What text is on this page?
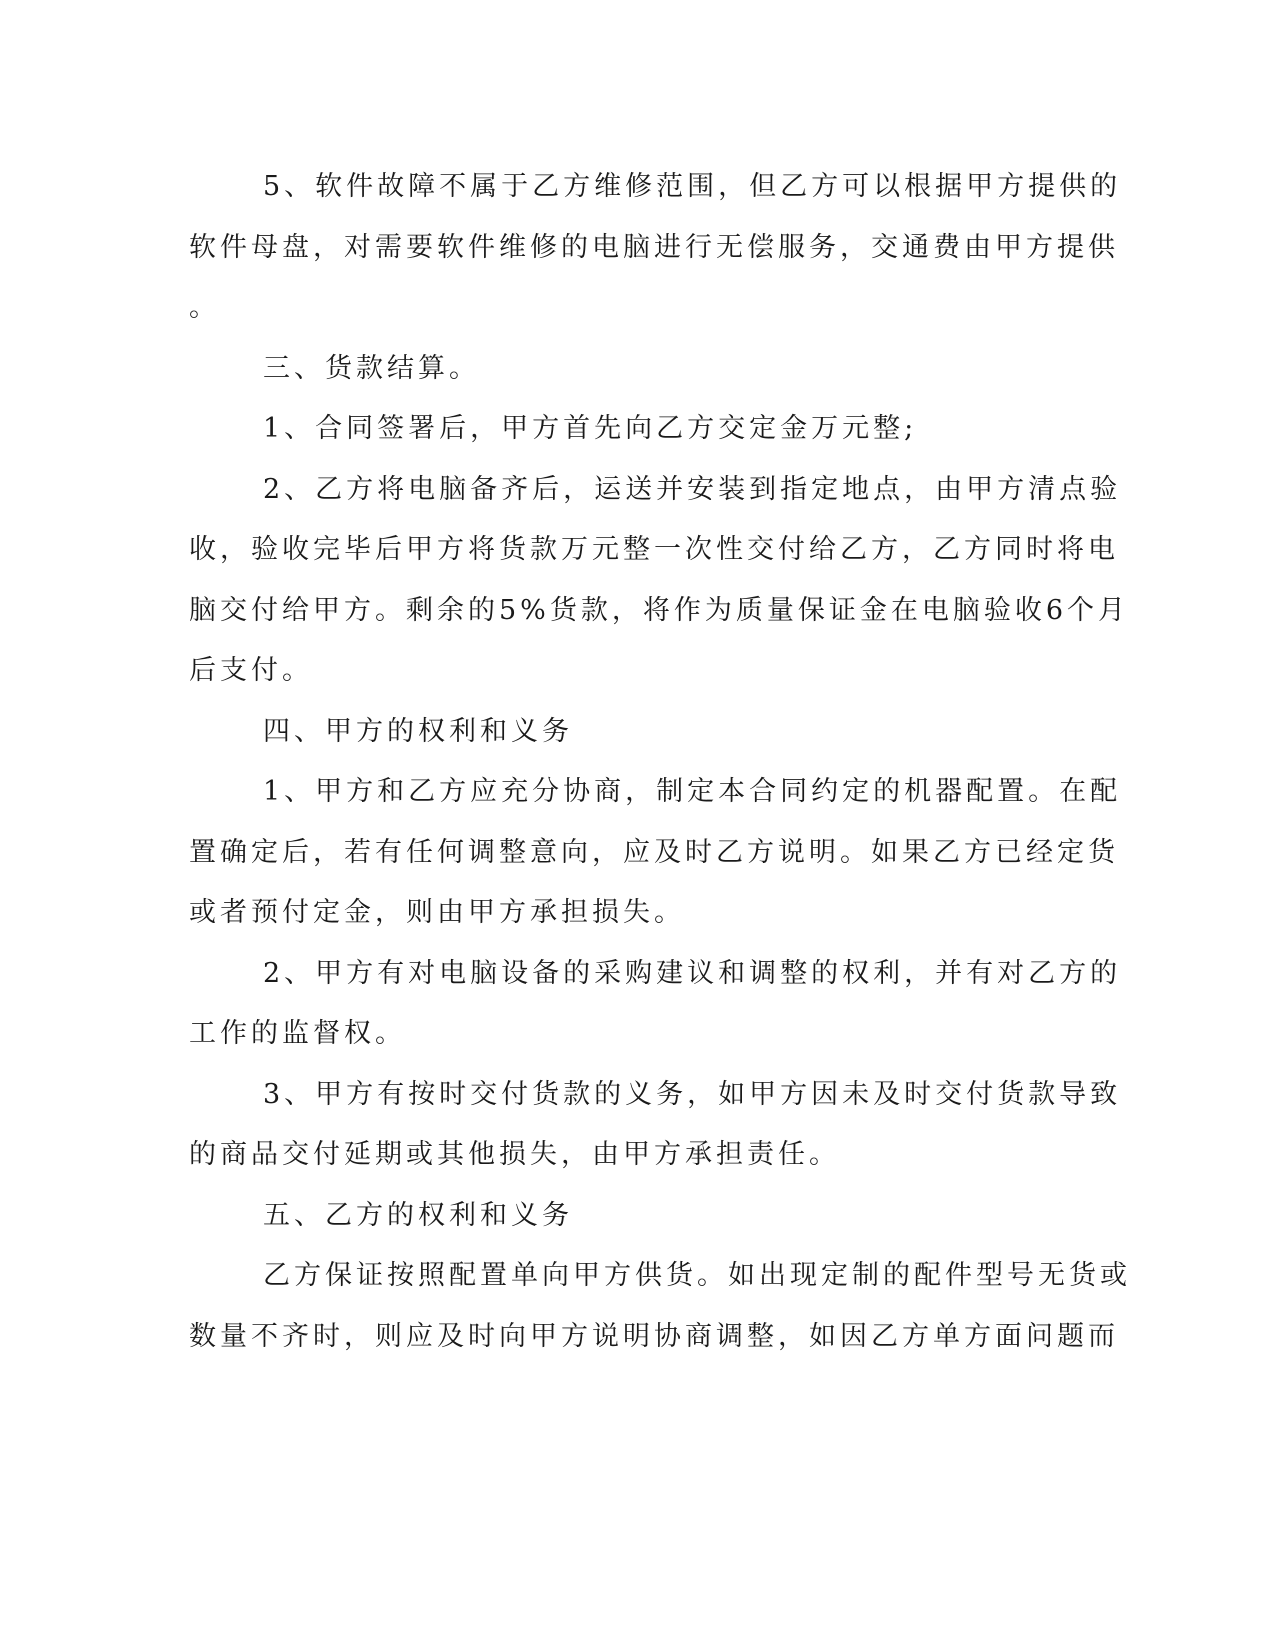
5、软件故障不属于乙方维修范围，但乙方可以根据甲方提供的
软件母盘，对需要软件维修的电脑进行无偿服务，交通费由甲方提供
。

三、货款结算。

1、合同签署后，甲方首先向乙方交定金万元整;

2、乙方将电脑备齐后，运送并安装到指定地点，由甲方清点验
收，验收完毕后甲方将货款万元整一次性交付给乙方，乙方同时将电
脑交付给甲方。剩余的5%货款，将作为质量保证金在电脑验收6个月
后支付。

四、甲方的权利和义务

1、甲方和乙方应充分协商，制定本合同约定的机器配置。在配
置确定后，若有任何调整意向，应及时乙方说明。如果乙方已经定货
或者预付定金，则由甲方承担损失。

2、甲方有对电脑设备的采购建议和调整的权利，并有对乙方的
工作的监督权。

3、甲方有按时交付货款的义务，如甲方因未及时交付货款导致
的商品交付延期或其他损失，由甲方承担责任。

五、乙方的权利和义务

乙方保证按照配置单向甲方供货。如出现定制的配件型号无货或
数量不齐时，则应及时向甲方说明协商调整，如因乙方单方面问题而
